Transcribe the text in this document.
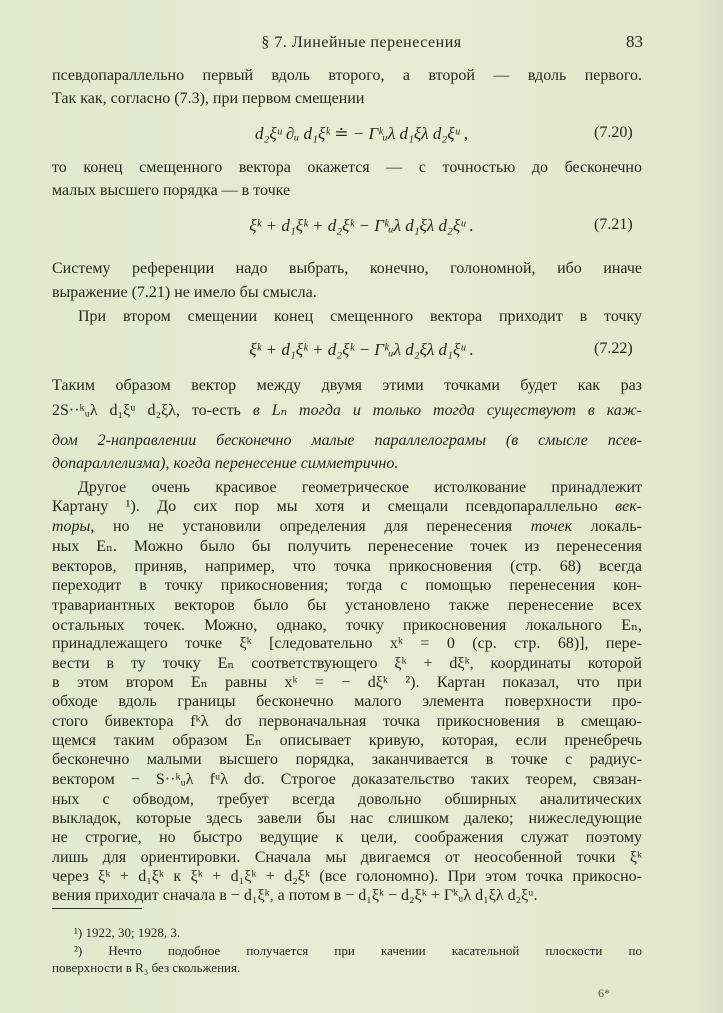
§ 7. Линейные перенесения	83
псевдопараллельно первый вдоль второго, а второй — вдоль первого.
Так как, согласно (7.3), при первом смещении
d₂ξᵘ ∂ᵤ d₁ξᵏ ≐ − Γᵏᵤλ d₁ξλ d₂ξᵘ ,	(7.20)
то конец смещенного вектора окажется — с точностью до бесконечно
малых высшего порядка — в точке
ξᵏ + d₁ξᵏ + d₂ξᵏ − Γᵏᵤλ d₁ξλ d₂ξᵘ .	(7.21)
Систему референции надо выбрать, конечно, голономной, ибо иначе
выражение (7.21) не имело бы смысла.
При втором смещении конец смещенного вектора приходит в точку
ξᵏ + d₁ξᵏ + d₂ξᵏ − Γᵏᵤλ d₂ξλ d₁ξᵘ .	(7.22)
Таким образом вектор между двумя этими точками будет как раз
2S··ᵏᵤλ d₁ξᵘ d₂ξλ, то-есть в Lₙ тогда и только тогда существуют в каж-
дом 2-направлении бесконечно малые параллелограмы (в смысле псев-
допараллелизма), когда перенесение симметрично.
Другое очень красивое геометрическое истолкование принадлежит
Картану ¹). До сих пор мы хотя и смещали псевдопараллельно век-
торы, но не установили определения для перенесения точек локаль-
ных Eₙ. Можно было бы получить перенесение точек из перенесения
векторов, приняв, например, что точка прикосновения (стр. 68) всегда
переходит в точку прикосновения; тогда с помощью перенесения кон-
травариантных векторов было бы установлено также перенесение всех
остальных точек. Можно, однако, точку прикосновения локального Eₙ,
принадлежащего точке ξᵏ [следовательно xᵏ = 0 (ср. стр. 68)], пере-
вести в ту точку Eₙ соответствующего ξᵏ + dξᵏ, координаты которой
в этом втором Eₙ равны xᵏ = − dξᵏ ²). Картан показал, что при
обходе вдоль границы бесконечно малого элемента поверхности про-
стого бивектора fᵏλ dσ первоначальная точка прикосновения в смещаю-
щемся таким образом Eₙ описывает кривую, которая, если пренебречь
бесконечно малыми высшего порядка, заканчивается в точке с радиус-
вектором − S··ᵏᵤλ fᵘλ dσ. Строгое доказательство таких теорем, связан-
ных с обводом, требует всегда довольно обширных аналитических
выкладок, которые здесь завели бы нас слишком далеко; нижеследующие
не строгие, но быстро ведущие к цели, соображения служат поэтому
лишь для ориентировки. Сначала мы двигаемся от неособенной точки ξᵏ
через ξᵏ + d₁ξᵏ к ξᵏ + d₁ξᵏ + d₂ξᵏ (все голономно). При этом точка прикосно-
вения приходит сначала в − d₁ξᵏ, а потом в − d₁ξᵏ − d₂ξᵏ + Γᵏᵤλ d₁ξλ d₂ξᵘ.
¹) 1922, 30; 1928, 3.
²) Нечто подобное получается при качении касательной плоскости по
поверхности в R₃ без скольжения.
6*
